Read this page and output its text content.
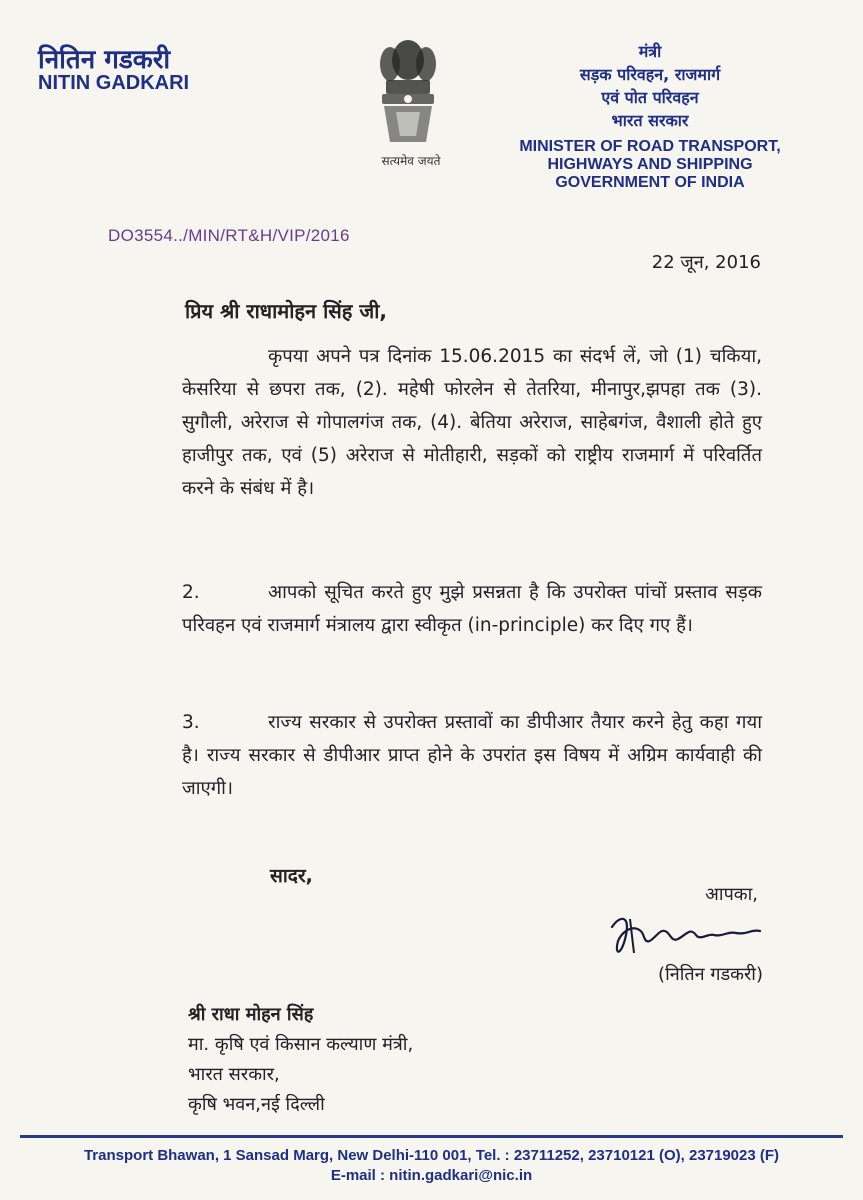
नितिन गडकरी
NITIN GADKARI
सत्यमेव जयते
मंत्री
सड़क परिवहन, राजमार्ग
एवं पोत परिवहन
भारत सरकार
MINISTER OF ROAD TRANSPORT,
HIGHWAYS AND SHIPPING
GOVERNMENT OF INDIA
DO3554../MIN/RT&H/VIP/2016
22 जून, 2016
प्रिय श्री राधामोहन सिंह जी,
कृपया अपने पत्र दिनांक 15.06.2015 का संदर्भ लें, जो (1) चकिया, केसरिया से छपरा तक, (2). महेषी फोरलेन से तेतरिया, मीनापुर,झपहा तक (3). सुगौली, अरेराज से गोपालगंज तक, (4). बेतिया अरेराज, साहेबगंज, वैशाली होते हुए हाजीपुर तक, एवं (5) अरेराज से मोतीहारी, सड़कों को राष्ट्रीय राजमार्ग में परिवर्तित करने के संबंध में है।
2.	आपको सूचित करते हुए मुझे प्रसन्नता है कि उपरोक्त पांचों प्रस्ताव सड़क परिवहन एवं राजमार्ग मंत्रालय द्वारा स्वीकृत (in-principle) कर दिए गए हैं।
3.	राज्य सरकार से उपरोक्त प्रस्तावों का डीपीआर तैयार करने हेतु कहा गया है। राज्य सरकार से डीपीआर प्राप्त होने के उपरांत इस विषय में अग्रिम कार्यवाही की जाएगी।
सादर,
आपका,
(नितिन गडकरी)
श्री राधा मोहन सिंह
मा. कृषि एवं किसान कल्याण मंत्री,
भारत सरकार,
कृषि भवन,नई दिल्ली
Transport Bhawan, 1 Sansad Marg, New Delhi-110 001, Tel. : 23711252, 23710121 (O), 23719023 (F)
E-mail : nitin.gadkari@nic.in
